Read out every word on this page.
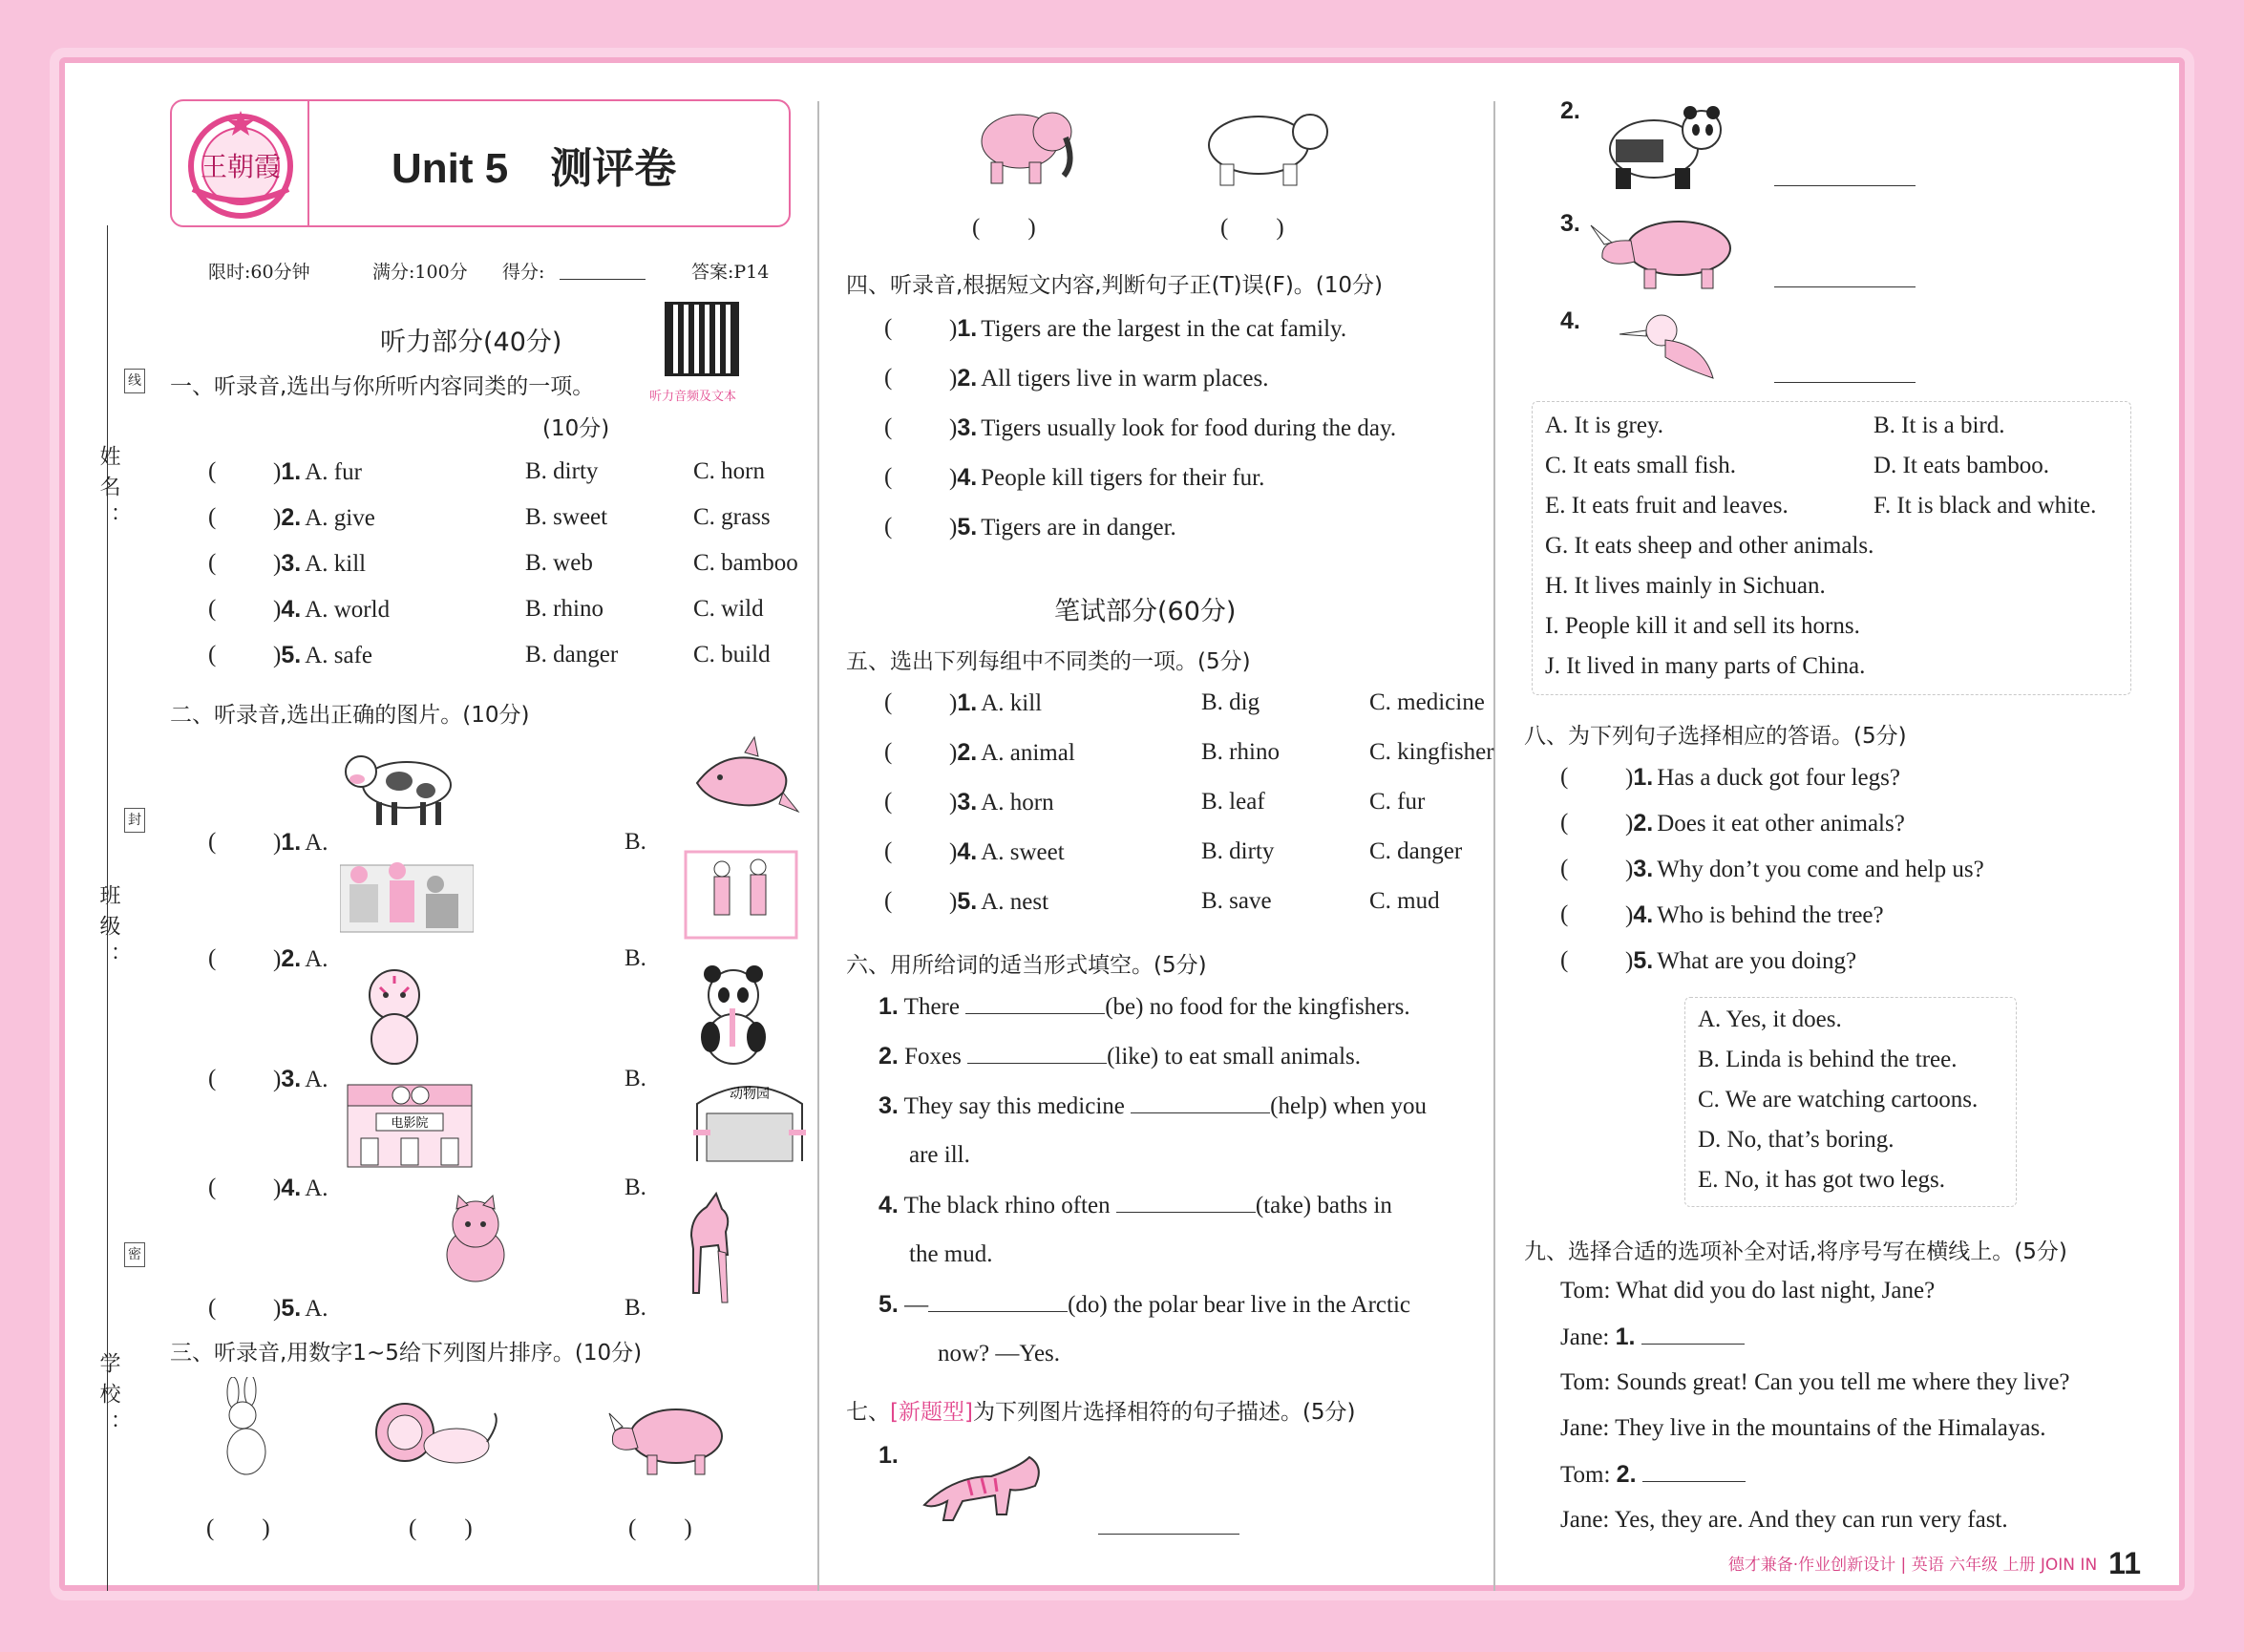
姓名：
班级：
学校：
线
封
密
王朝霞	Unit 5　测评卷
限时:60分钟	满分:100分 得分:	答案:P14
听力部分(40分)
听力音频及文本
一、听录音,选出与你所听内容同类的一项。
(10分)
二、听录音,选出正确的图片。(10分)
电影院
动物园
三、听录音,用数字1~5给下列图片排序。(10分)
(　　)	(　　)	(　　)
(　　)	(　　)
四、听录音,根据短文内容,判断句子正(T)误(F)。(10分)
笔试部分(60分)
五、选出下列每组中不同类的一项。(5分)
六、用所给词的适当形式填空。(5分)
1. There	(be) no food for the kingfishers.
2. Foxes	(like) to eat small animals.
3. They say this medicine	(help) when you
are ill.
4. The black rhino often	(take) baths in
the mud.
5. —	(do) the polar bear live in the Arctic
now? —Yes.
七、[新题型]为下列图片选择相符的句子描述。(5分)
1.
2.
3.
4.
八、为下列句子选择相应的答语。(5分)
九、选择合适的选项补全对话,将序号写在横线上。(5分)
Tom: What did you do last night, Jane?
Jane: 1.
Tom: Sounds great! Can you tell me where they live?
Jane: They live in the mountains of the Himalayas.
Tom: 2.
Jane: Yes, they are. And they can run very fast.
德才兼备·作业创新设计 | 英语 六年级 上册 JOIN IN 11
( )1. A. fur	B. dirty	C. horn
( )2. A. give	B. sweet	C. grass
( )3. A. kill	B. web	C. bamboo
( )4. A. world	B. rhino	C. wild
( )5. A. safe	B. danger	C. build
( )1. A.	B.
( )2. A.	B.
( )3. A.	B.
( )4. A.	B.
( )5. A.	B.
( )1. Tigers are the largest in the cat family.
( )2. All tigers live in warm places.
( )3. Tigers usually look for food during the day.
( )4. People kill tigers for their fur.
( )5. Tigers are in danger.
( )1. A. kill	B. dig	C. medicine
( )2. A. animal	B. rhino	C. kingfisher
( )3. A. horn	B. leaf	C. fur
( )4. A. sweet	B. dirty	C. danger
( )5. A. nest	B. save	C. mud
A. It is grey.	B. It is a bird.
C. It eats small fish.	D. It eats bamboo.
E. It eats fruit and leaves.	F. It is black and white.
G. It eats sheep and other animals.
H. It lives mainly in Sichuan.
I. People kill it and sell its horns.
J. It lived in many parts of China.
( )1. Has a duck got four legs?
( )2. Does it eat other animals?
( )3. Why don’t you come and help us?
( )4. Who is behind the tree?
( )5. What are you doing?
A. Yes, it does.
B. Linda is behind the tree.
C. We are watching cartoons.
D. No, that’s boring.
E. No, it has got two legs.
